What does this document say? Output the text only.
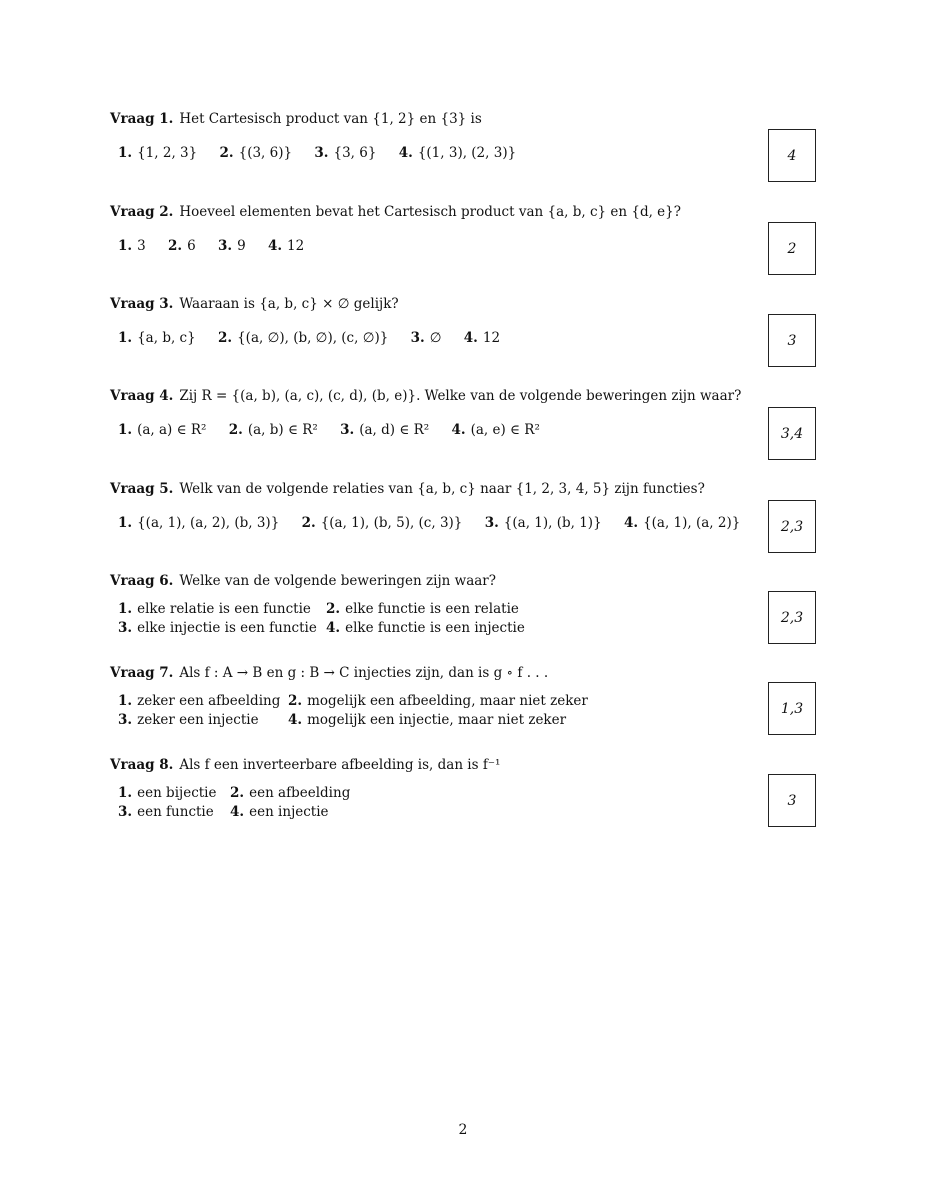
Vraag 1. Het Cartesisch product van {1, 2} en {3} is
1. {1, 2, 3} 2. {(3, 6)} 3. {3, 6} 4. {(1, 3), (2, 3)}	4
Vraag 2. Hoeveel elementen bevat het Cartesisch product van {a, b, c} en {d, e}?
1. 3 2. 6 3. 9 4. 12	2
Vraag 3. Waaraan is {a, b, c} × ∅ gelijk?
1. {a, b, c} 2. {(a, ∅), (b, ∅), (c, ∅)} 3. ∅ 4. 12	3
Vraag 4. Zij R = {(a, b), (a, c), (c, d), (b, e)}. Welke van de volgende beweringen zijn waar?
1. (a, a) ∈ R² 2. (a, b) ∈ R² 3. (a, d) ∈ R² 4. (a, e) ∈ R²	3,4
Vraag 5. Welk van de volgende relaties van {a, b, c} naar {1, 2, 3, 4, 5} zijn functies?
1. {(a, 1), (a, 2), (b, 3)} 2. {(a, 1), (b, 5), (c, 3)} 3. {(a, 1), (b, 1)} 4. {(a, 1), (a, 2)}	2,3
Vraag 6. Welke van de volgende beweringen zijn waar?
1. elke relatie is een functie 2. elke functie is een relatie
3. elke injectie is een functie 4. elke functie is een injectie
2,3
Vraag 7. Als f : A → B en g : B → C injecties zijn, dan is g ∘ f . . .
1. zeker een afbeelding 2. mogelijk een afbeelding, maar niet zeker
3. zeker een injectie	4. mogelijk een injectie, maar niet zeker
1,3
Vraag 8. Als f een inverteerbare afbeelding is, dan is f⁻¹
1. een bijectie 2. een afbeelding
3. een functie 4. een injectie
3
2
